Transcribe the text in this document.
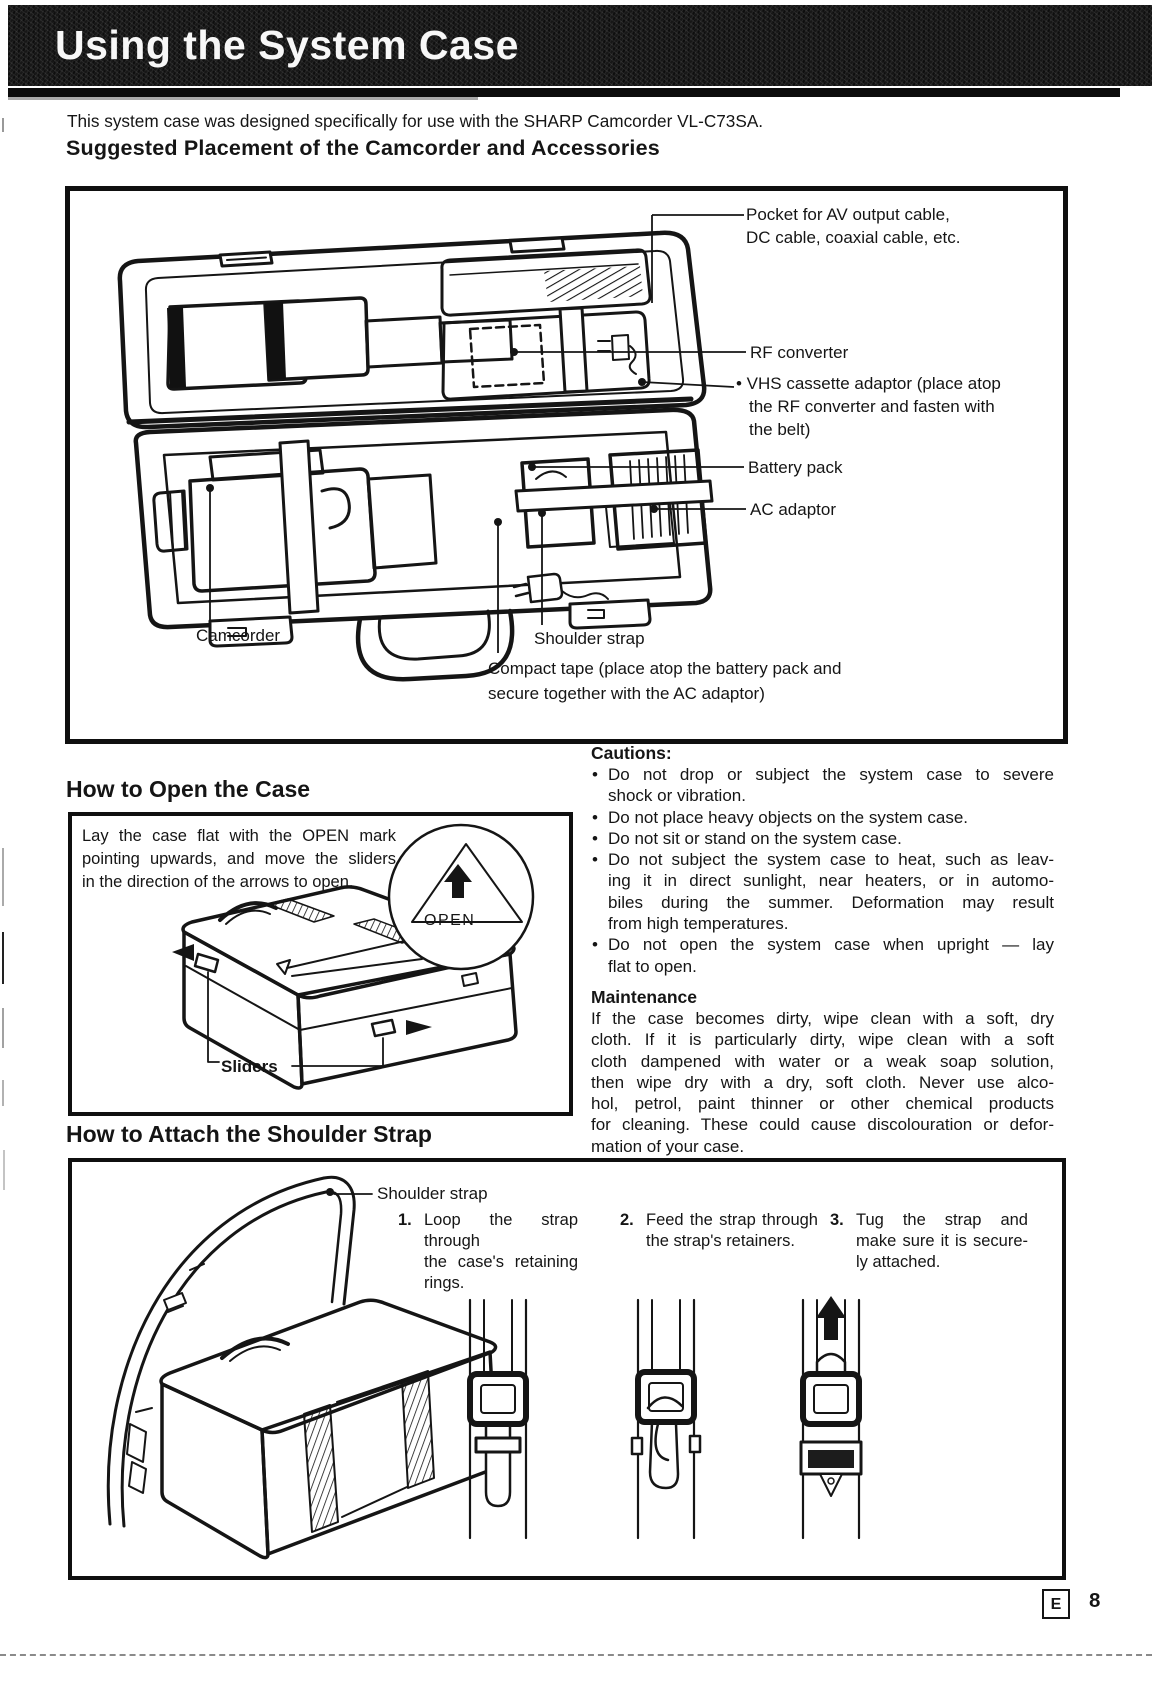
Using the System Case
This system case was designed specifically for use with the SHARP Camcorder VL-C73SA.
Suggested Placement of the Camcorder and Accessories
Pocket for AV output cable,
DC cable, coaxial cable, etc.
RF converter
• VHS cassette adaptor (place atop
the RF converter and fasten with
the belt)
Battery pack
AC adaptor
Shoulder strap
Compact tape (place atop the battery pack and
secure together with the AC adaptor)
Camcorder
Cautions:
• Do not drop or subject the system case to severe
shock or vibration.
• Do not place heavy objects on the system case.
• Do not sit or stand on the system case.
• Do not subject the system case to heat, such as leav-
ing it in direct sunlight, near heaters, or in automo-
biles during the summer. Deformation may result
from high temperatures.
• Do not open the system case when upright — lay
flat to open.
Maintenance
If the case becomes dirty, wipe clean with a soft, dry
cloth. If it is particularly dirty, wipe clean with a soft
cloth dampened with water or a weak soap solution,
then wipe dry with a dry, soft cloth. Never use alco-
hol, petrol, paint thinner or other chemical products
for cleaning. These could cause discolouration or defor-
mation of your case.
How to Open the Case
Lay the case flat with the OPEN mark
pointing upwards, and move the sliders
in the direction of the arrows to open.
OPEN
Sliders
How to Attach the Shoulder Strap
Shoulder strap
1. Loop the strap through
the case's retaining
rings.
2. Feed the strap through
the strap's retainers.
3. Tug the strap and
make sure it is secure-
ly attached.
E	8
